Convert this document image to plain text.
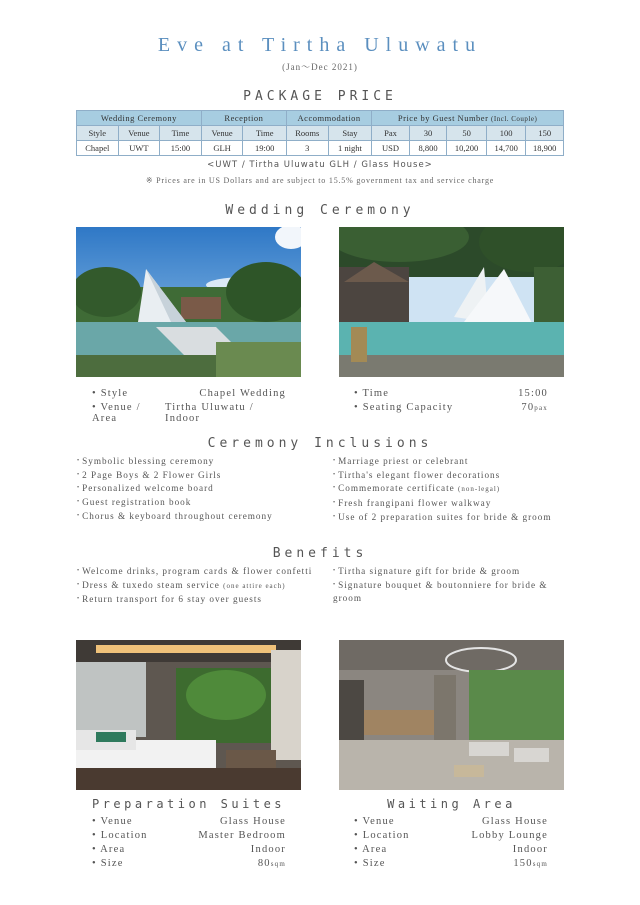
Eve at Tirtha Uluwatu
(Jan〜Dec 2021)
PACKAGE PRICE
Wedding Ceremony			Reception		Accommodation		Price by Guest Number (Incl. Couple)				
Style	Venue	Time	Venue	Time	Rooms	Stay	Pax	30	50	100	150
Chapel	UWT	15:00	GLH	19:00	3	1 night	USD	8,800	10,200	14,700	18,900
<UWT / Tirtha Uluwatu GLH / Glass House>
※ Prices are in US Dollars and are subject to 15.5% government tax and service charge
Wedding Ceremony
• Style	Chapel Wedding
• Venue / Area
Tirtha Uluwatu / Indoor
• Time	15:00
• Seating Capacity	70pax
Ceremony Inclusions
• Symbolic blessing ceremony
• 2 Page Boys & 2 Flower Girls
• Personalized welcome board
• Guest registration book
• Chorus & keyboard throughout ceremony
• Marriage priest or celebrant
• Tirtha's elegant flower decorations
• Commemorate certificate (non-legal)
• Fresh frangipani flower walkway
• Use of 2 preparation suites for bride & groom
Benefits
• Welcome drinks, program cards & flower confetti
• Dress & tuxedo steam service (one attire each)
• Return transport for 6 stay over guests
• Tirtha signature gift for bride & groom
• Signature bouquet & boutonniere for bride & groom
Preparation Suites
• Venue	Glass House
• Location	Master Bedroom
• Area	Indoor
• Size	80sqm
Waiting Area
• Venue	Glass House
• Location	Lobby Lounge
• Area	Indoor
• Size	150sqm
